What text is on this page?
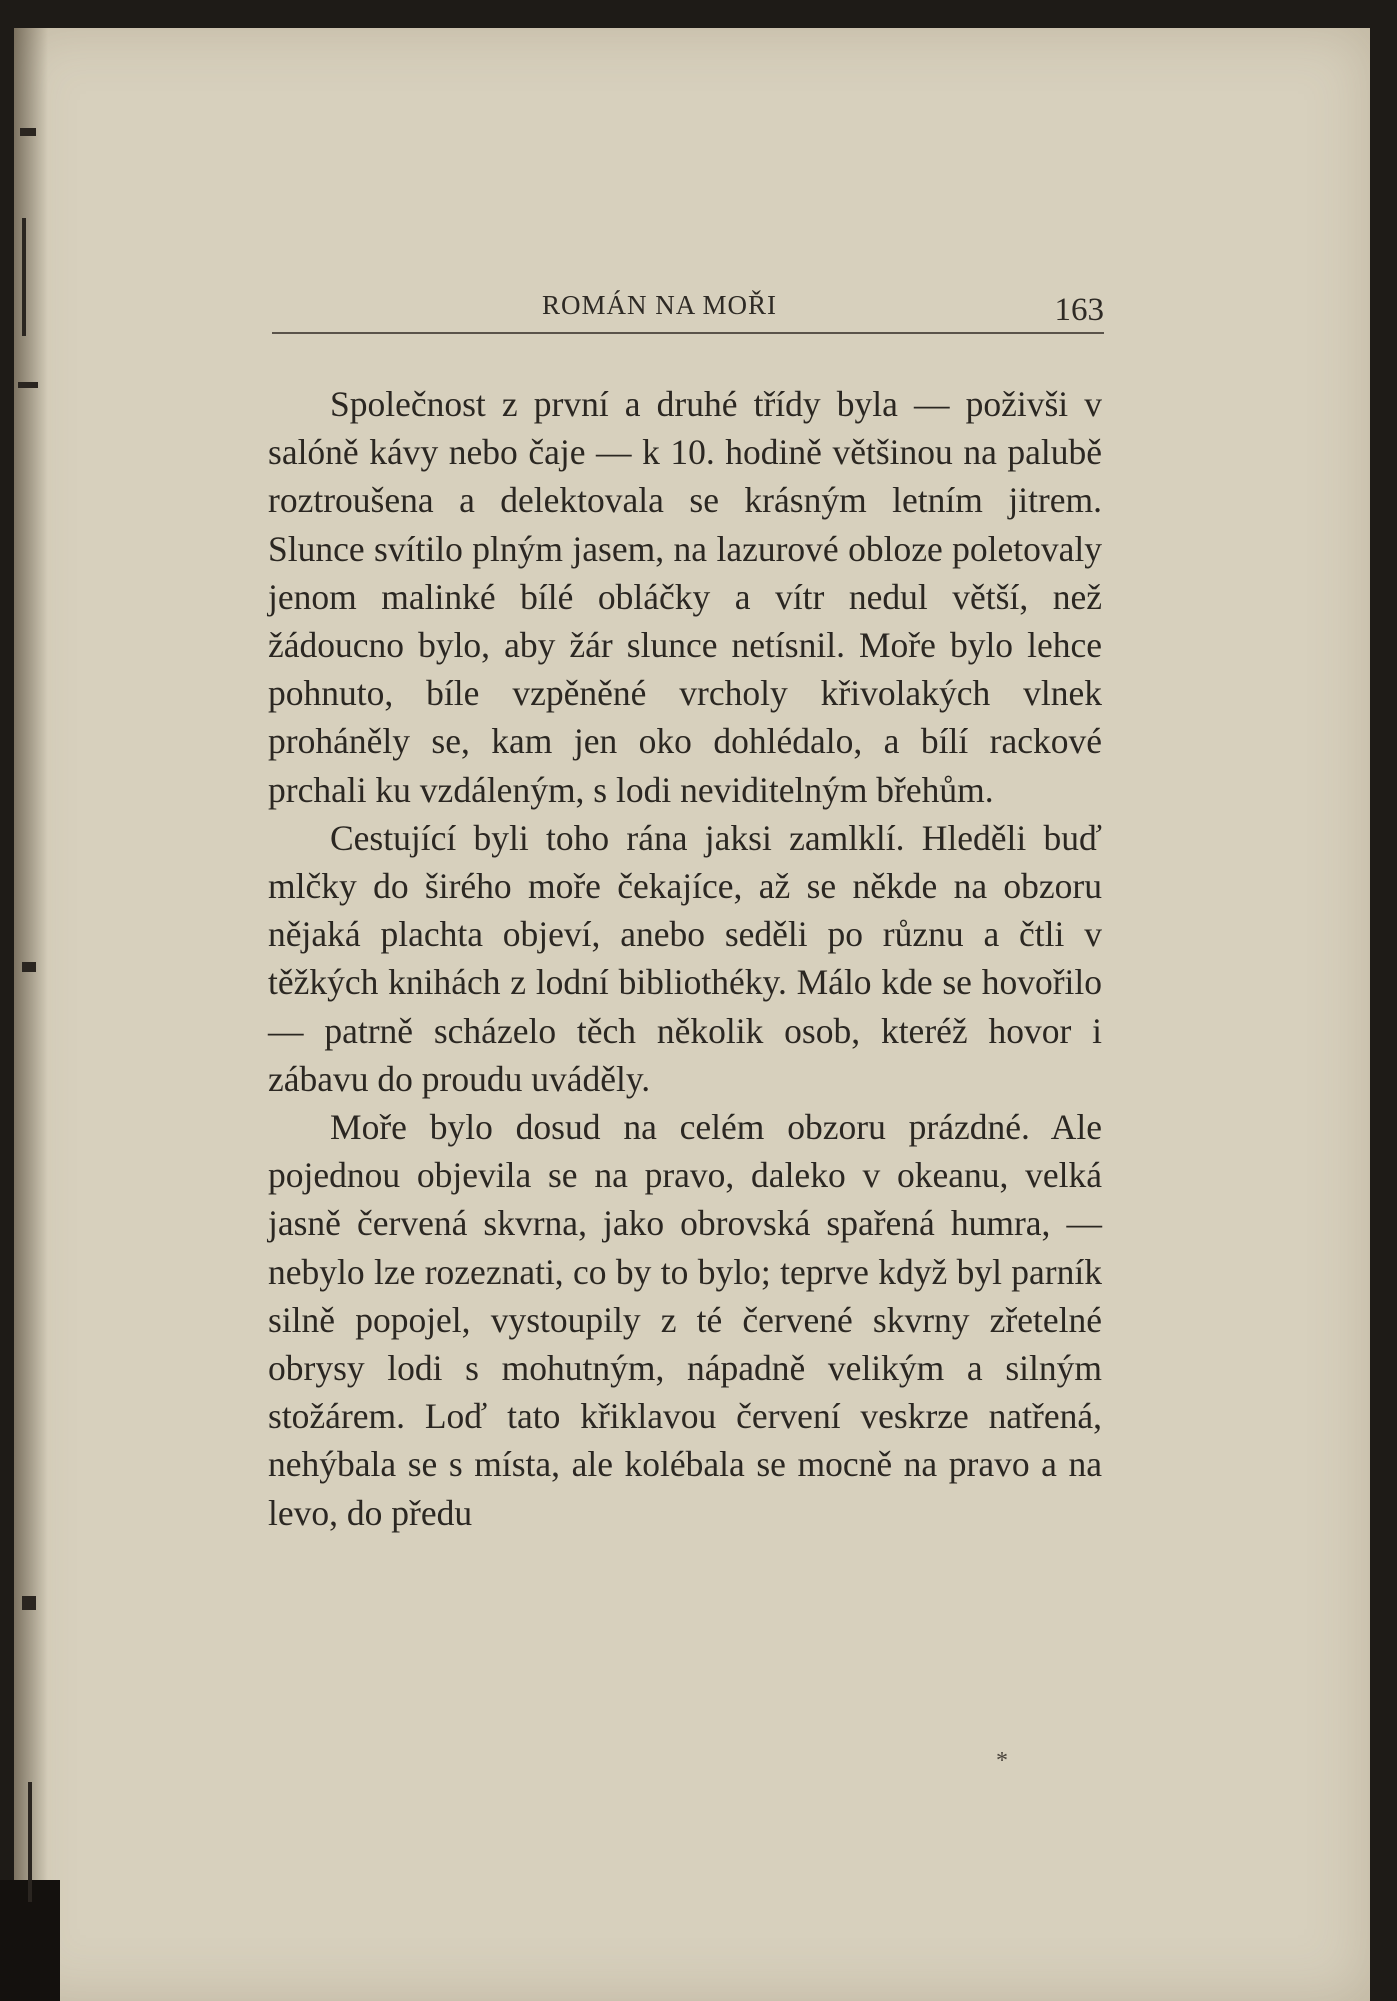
ROMÁN NA MOŘI	163

Společnost z první a druhé třídy byla — poživši v salóně kávy nebo čaje — k 10. hodině většinou na palubě roztroušena a delektovala se krásným letním jitrem. Slunce svítilo plným jasem, na lazurové obloze poletovaly jenom malinké bílé obláčky a vítr nedul větší, než žádoucno bylo, aby žár slunce netísnil. Moře bylo lehce pohnuto, bíle vzpěněné vrcholy křivolakých vlnek proháněly se, kam jen oko dohlédalo, a bílí rackové prchali ku vzdáleným, s lodi neviditelným břehům.

Cestující byli toho rána jaksi zamlklí. Hleděli buď mlčky do širého moře čekajíce, až se někde na obzoru nějaká plachta objeví, anebo seděli po různu a čtli v těžkých knihách z lodní bibliothéky. Málo kde se hovořilo — patrně scházelo těch několik osob, kteréž hovor i zábavu do proudu uváděly.

Moře bylo dosud na celém obzoru prázdné. Ale pojednou objevila se na pravo, daleko v okeanu, velká jasně červená skvrna, jako obrovská spařená humra, — nebylo lze rozeznati, co by to bylo; teprve když byl parník silně popojel, vystoupily z té červené skvrny zřetelné obrysy lodi s mohutným, nápadně velikým a silným stožárem. Loď tato křiklavou červení veskrze natřená, nehýbala se s místa, ale kolébala se mocně na pravo a na levo, do předu

*
